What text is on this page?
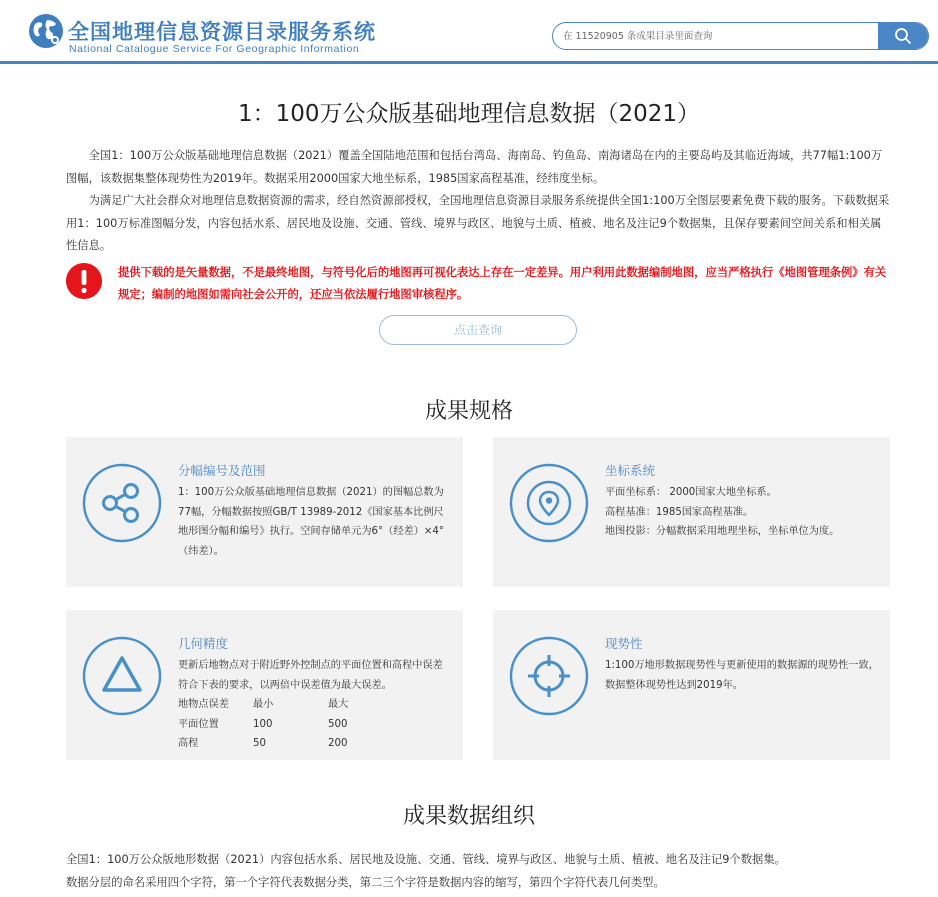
全国地理信息资源目录服务系统
National Catalogue Service For Geographic Information
在 11520905 条成果目录里面查询
1：100万公众版基础地理信息数据（2021）

全国1：100万公众版基础地理信息数据（2021）覆盖全国陆地范围和包括台湾岛、海南岛、钓鱼岛、南海诸岛在内的主要岛屿及其临近海域，共77幅1:100万图幅，该数据集整体现势性为2019年。数据采用2000国家大地坐标系，1985国家高程基准，经纬度坐标。

为满足广大社会群众对地理信息数据资源的需求，经自然资源部授权，全国地理信息资源目录服务系统提供全国1:100万全图层要素免费下载的服务。下载数据采用1：100万标准图幅分发，内容包括水系、居民地及设施、交通、管线、境界与政区、地貌与土质、植被、地名及注记9个数据集，且保存要素间空间关系和相关属性信息。

提供下载的是矢量数据，不是最终地图，与符号化后的地图再可视化表达上存在一定差异。用户利用此数据编制地图，应当严格执行《地图管理条例》有关规定；编制的地图如需向社会公开的，还应当依法履行地图审核程序。
点击查询
成果规格
分幅编号及范围
1：100万公众版基础地理信息数据（2021）的图幅总数为77幅，分幅数据按照GB/T 13989-2012《国家基本比例尺地形图分幅和编号》执行。空间存储单元为6°（经差）×4°（纬差）。
坐标系统
平面坐标系： 2000国家大地坐标系。
高程基准：1985国家高程基准。
地图投影：分幅数据采用地理坐标，坐标单位为度。
几何精度
更新后地物点对于附近野外控制点的平面位置和高程中误差符合下表的要求，以两倍中误差值为最大误差。
地物点误差	最小	最大
平面位置	100	500
高程	50	200
现势性
1:100万地形数据现势性与更新使用的数据源的现势性一致，数据整体现势性达到2019年。
成果数据组织
全国1：100万公众版地形数据（2021）内容包括水系、居民地及设施、交通、管线、境界与政区、地貌与土质、植被、地名及注记9个数据集。
数据分层的命名采用四个字符，第一个字符代表数据分类，第二三个字符是数据内容的缩写，第四个字符代表几何类型。
